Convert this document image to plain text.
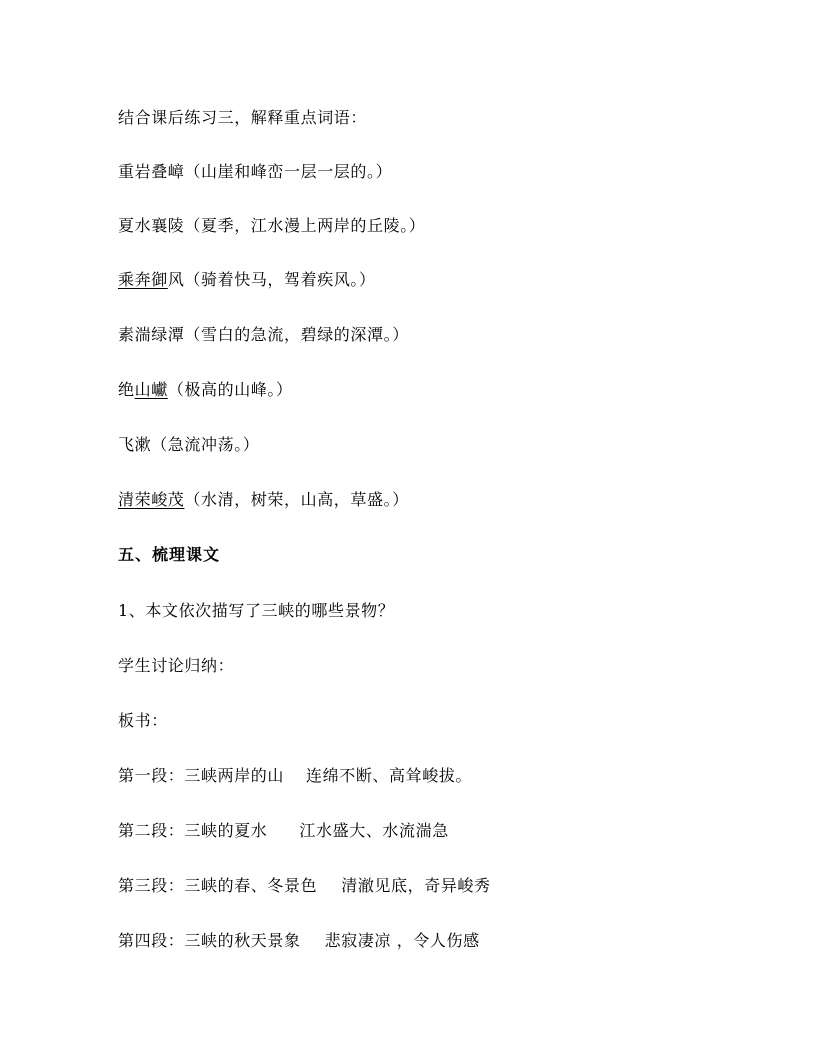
结合课后练习三，解释重点词语：
重岩叠嶂（山崖和峰峦一层一层的。）
夏水襄陵（夏季，江水漫上两岸的丘陵。）
乘奔御风（骑着快马，驾着疾风。）
素湍绿潭（雪白的急流，碧绿的深潭。）
绝山巘（极高的山峰。）
飞漱（急流冲荡。）
清荣峻茂（水清，树荣，山高，草盛。）
五、梳理课文
1、本文依次描写了三峡的哪些景物？
学生讨论归纳：
板书：
第一段：三峡两岸的山 连绵不断、高耸峻拔。
第二段：三峡的夏水 江水盛大、水流湍急
第三段：三峡的春、冬景色 清澈见底，奇异峻秀
第四段：三峡的秋天景象 悲寂凄凉 ，令人伤感
